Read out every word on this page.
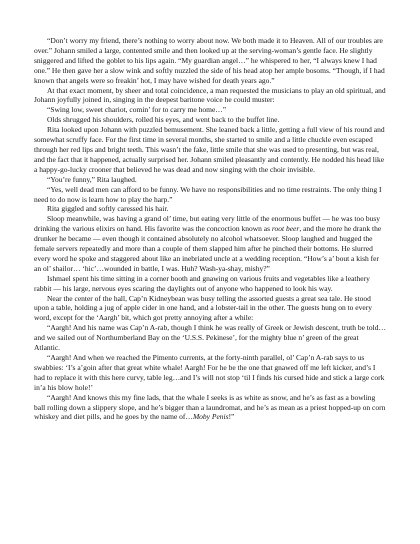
“Don’t worry my friend, there’s nothing to worry about now. We both made it to Heaven. All of our troubles are over.” Johann smiled a large, contented smile and then looked up at the serving-woman’s gentle face. He slightly sniggered and lifted the goblet to his lips again. “My guardian angel…” he whispered to her, “I always knew I had one.” He then gave her a slow wink and softly nuzzled the side of his head atop her ample bosoms. “Though, if I had known that angels were so freakin’ hot, I may have wished for death years ago.”

At that exact moment, by sheer and total coincidence, a man requested the musicians to play an old spiritual, and Johann joyfully joined in, singing in the deepest baritone voice he could muster:

“Swing low, sweet chariot, comin’ for to carry me home…”

Olds shrugged his shoulders, rolled his eyes, and went back to the buffet line.

Rita looked upon Johann with puzzled bemusement. She leaned back a little, getting a full view of his round and somewhat scruffy face. For the first time in several months, she started to smile and a little chuckle even escaped through her red lips and bright teeth. This wasn’t the fake, little smile that she was used to presenting, but was real, and the fact that it happened, actually surprised her. Johann smiled pleasantly and contently. He nodded his head like a happy-go-lucky crooner that believed he was dead and now singing with the choir invisible.

“You’re funny,” Rita laughed.

“Yes, well dead men can afford to be funny. We have no responsibilities and no time restraints. The only thing I need to do now is learn how to play the harp.”

Rita giggled and softly caressed his hair.

Sloop meanwhile, was having a grand ol’ time, but eating very little of the enormous buffet — he was too busy drinking the various elixirs on hand. His favorite was the concoction known as root beer, and the more he drank the drunker he became — even though it contained absolutely no alcohol whatsoever. Sloop laughed and hugged the female servers repeatedly and more than a couple of them slapped him after he pinched their bottoms. He slurred every word he spoke and staggered about like an inebriated uncle at a wedding reception. “How’s a’ bout a kish fer an ol’ shailor… ‘hic’…wounded in battle, I was. Huh? Wash-ya-shay, mishy?”

Ishmael spent his time sitting in a corner booth and gnawing on various fruits and vegetables like a leathery rabbit — his large, nervous eyes scaring the daylights out of anyone who happened to look his way.

Near the center of the hall, Cap’n Kidneybean was busy telling the assorted guests a great sea tale. He stood upon a table, holding a jug of apple cider in one hand, and a lobster-tail in the other. The guests hung on to every word, except for the ‘Aargh’ bit, which got pretty annoying after a while:

“Aargh! And his name was Cap’n A-rab, though I think he was really of Greek or Jewish descent, truth be told…and we sailed out of Northumberland Bay on the ‘U.S.S. Pekinese’, for the mighty blue n’ green of the great Atlantic.

“Aargh! And when we reached the Pimento currents, at the forty-ninth parallel, ol’ Cap’n A-rab says to us swabbies: ‘I’s a’goin after that great white whale! Aargh! For he be the one that gnawed off me left kicker, and’s I had to replace it with this here curvy, table leg…and I’s will not stop ‘til I finds his cursed hide and stick a large cork in’a his blow hole!’

“Aargh! And knows this my fine lads, that the whale I seeks is as white as snow, and he’s as fast as a bowling ball rolling down a slippery slope, and he’s bigger than a laundromat, and he’s as mean as a priest hopped-up on corn whiskey and diet pills, and he goes by the name of…Moby Penis!”
